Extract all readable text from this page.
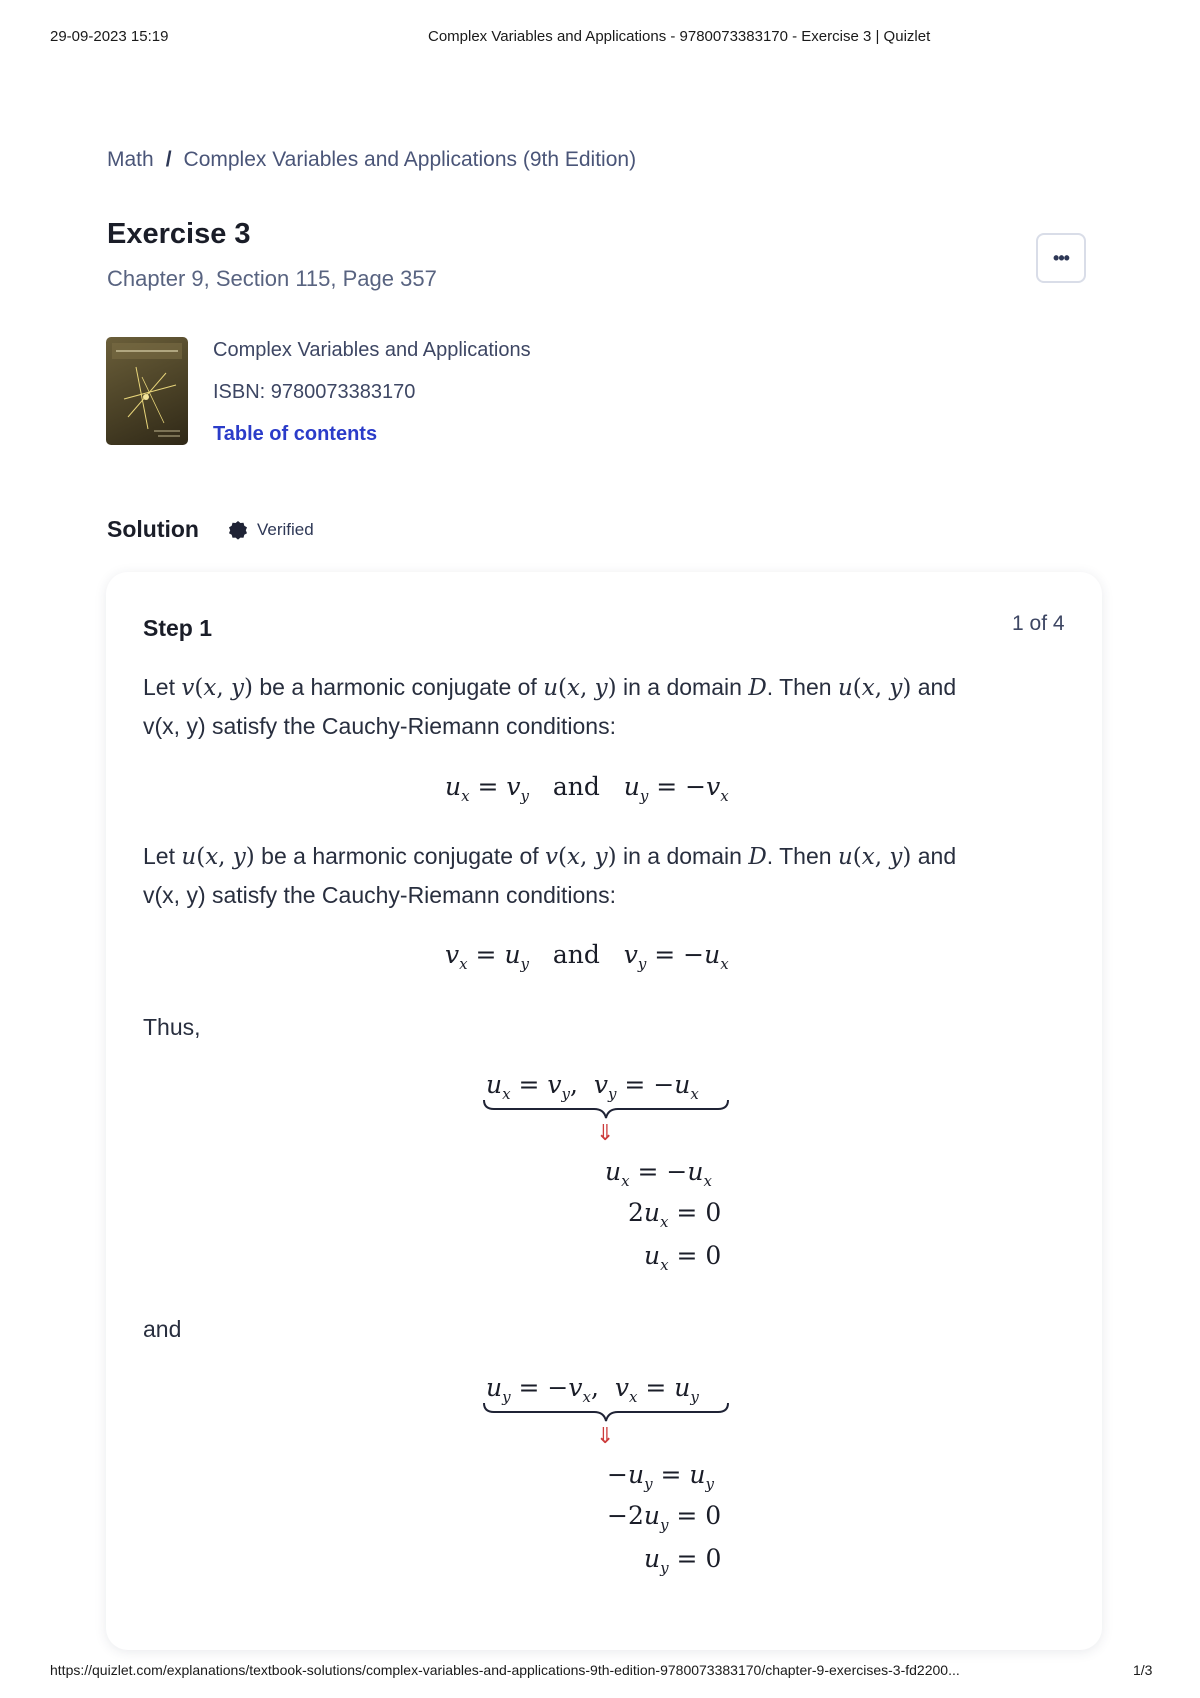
29-09-2023 15:19	Complex Variables and Applications - 9780073383170 - Exercise 3 | Quizlet
Math / Complex Variables and Applications (9th Edition)
Exercise 3
Chapter 9, Section 115, Page 357
•••
Complex Variables and Applications
ISBN: 9780073383170
Table of contents
Solution	Verified
Step 1	1 of 4
Let v(x, y) be a harmonic conjugate of u(x, y) in a domain D. Then u(x, y) and
v(x, y) satisfy the Cauchy-Riemann conditions:
$u_x = v_y$ and $u_y = -v_x$
Let u(x, y) be a harmonic conjugate of v(x, y) in a domain D. Then u(x, y) and
v(x, y) satisfy the Cauchy-Riemann conditions:
$v_x = u_y$ and $v_y = -u_x$
Thus,
$u_x = v_y$,  $v_y = -u_x$
⇓
$u_x = -u_x$
$2u_x = 0$
$u_x = 0$
and
$u_y = -v_x$,  $v_x = u_y$
⇓
$-u_y = u_y$
$-2u_y = 0$
$u_y = 0$
https://quizlet.com/explanations/textbook-solutions/complex-variables-and-applications-9th-edition-9780073383170/chapter-9-exercises-3-fd2200...	1/3
